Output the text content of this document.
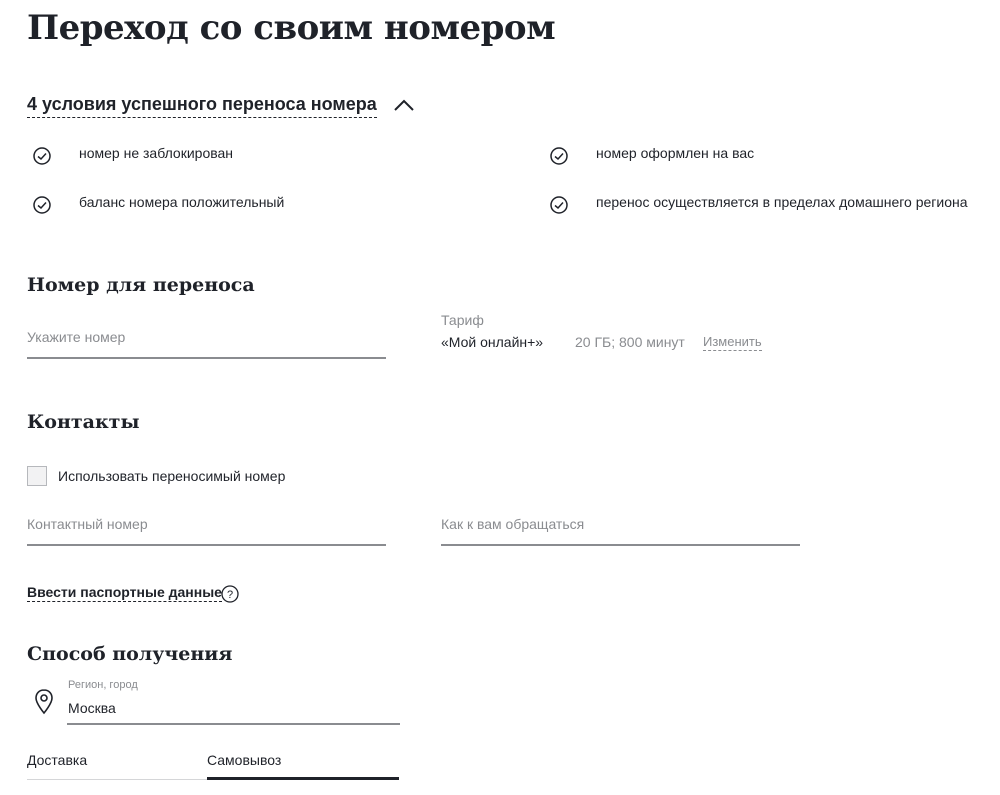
Переход со своим номером
4 условия успешного переноса номера
номер не заблокирован	номер оформлен на вас
баланс номера положительный	перенос осуществляется в пределах домашнего региона
Номер для переноса
Укажите номер
Тариф
«Мой онлайн+» 20 ГБ; 800 минут Изменить
Контакты
Использовать переносимый номер
Контактный номер
Как к вам обращаться
Ввести паспортные данные ?
Способ получения
Регион, город
Москва
Доставка	Самовывоз
